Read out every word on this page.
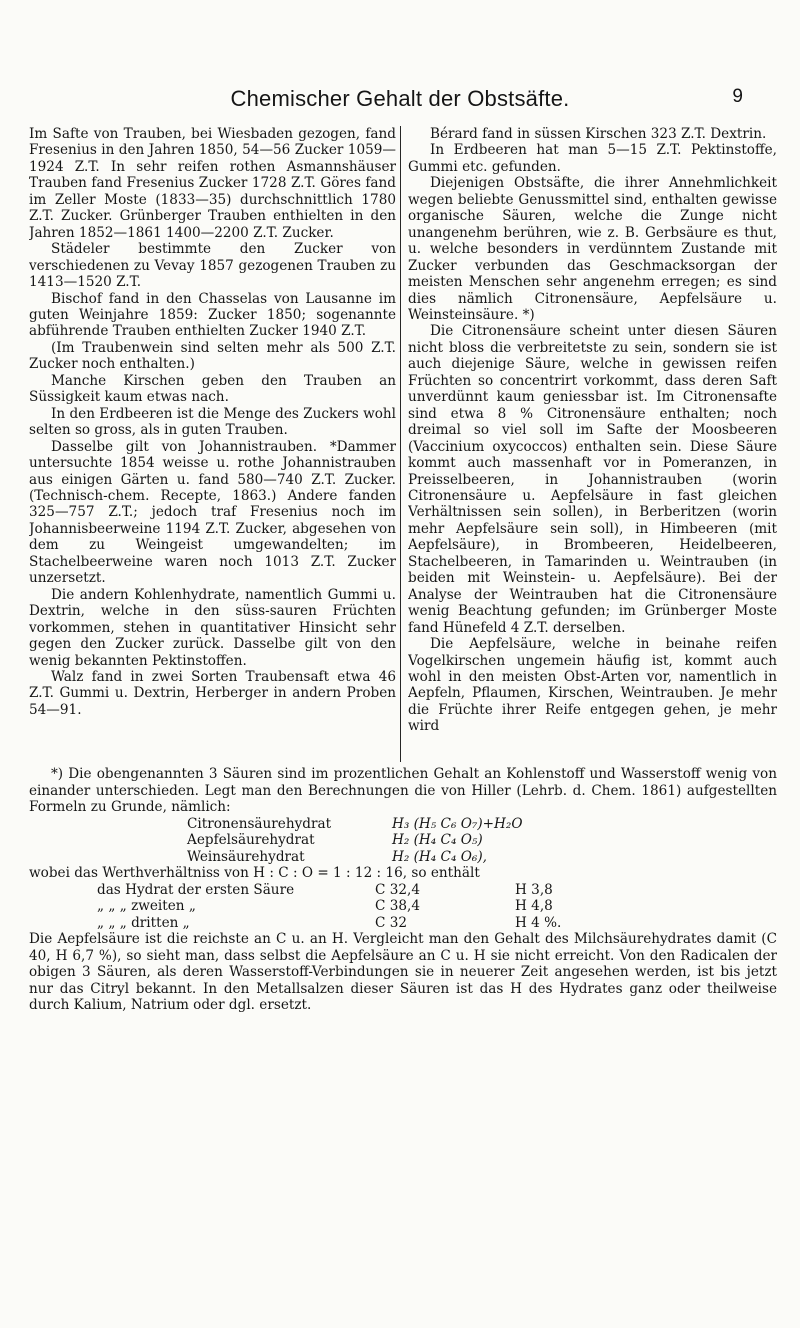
Chemischer Gehalt der Obstsäfte.	9

Im Safte von Trauben, bei Wiesbaden gezogen, fand Fresenius in den Jahren 1850, 54—56 Zucker 1059—1924 Z.T. In sehr reifen rothen Asmannshäuser Trauben fand Fresenius Zucker 1728 Z.T. Göres fand im Zeller Moste (1833—35) durchschnittlich 1780 Z.T. Zucker. Grünberger Trauben enthielten in den Jahren 1852—1861 1400—2200 Z.T. Zucker.

Städeler bestimmte den Zucker von verschiedenen zu Vevay 1857 gezogenen Trauben zu 1413—1520 Z.T.

Bischof fand in den Chasselas von Lausanne im guten Weinjahre 1859: Zucker 1850; sogenannte abführende Trauben enthielten Zucker 1940 Z.T.

(Im Traubenwein sind selten mehr als 500 Z.T. Zucker noch enthalten.)

Manche Kirschen geben den Trauben an Süssigkeit kaum etwas nach.

In den Erdbeeren ist die Menge des Zuckers wohl selten so gross, als in guten Trauben.

Dasselbe gilt von Johannistrauben. *Dammer untersuchte 1854 weisse u. rothe Johannistrauben aus einigen Gärten u. fand 580—740 Z.T. Zucker. (Technisch-chem. Recepte, 1863.) Andere fanden 325—757 Z.T.; jedoch traf Fresenius noch im Johannisbeerweine 1194 Z.T. Zucker, abgesehen von dem zu Weingeist umgewandelten; im Stachelbeerweine waren noch 1013 Z.T. Zucker unzersetzt.

Die andern Kohlenhydrate, namentlich Gummi u. Dextrin, welche in den süss-sauren Früchten vorkommen, stehen in quantitativer Hinsicht sehr gegen den Zucker zurück. Dasselbe gilt von den wenig bekannten Pektinstoffen.

Walz fand in zwei Sorten Traubensaft etwa 46 Z.T. Gummi u. Dextrin, Herberger in andern Proben 54—91.

Bérard fand in süssen Kirschen 323 Z.T. Dextrin.

In Erdbeeren hat man 5—15 Z.T. Pektinstoffe, Gummi etc. gefunden.

Diejenigen Obstsäfte, die ihrer Annehmlichkeit wegen beliebte Genussmittel sind, enthalten gewisse organische Säuren, welche die Zunge nicht unangenehm berühren, wie z. B. Gerbsäure es thut, u. welche besonders in verdünntem Zustande mit Zucker verbunden das Geschmacksorgan der meisten Menschen sehr angenehm erregen; es sind dies nämlich Citronensäure, Aepfelsäure u. Weinsteinsäure. *)

Die Citronensäure scheint unter diesen Säuren nicht bloss die verbreitetste zu sein, sondern sie ist auch diejenige Säure, welche in gewissen reifen Früchten so concentrirt vorkommt, dass deren Saft unverdünnt kaum geniessbar ist. Im Citronensafte sind etwa 8 % Citronensäure enthalten; noch dreimal so viel soll im Safte der Moosbeeren (Vaccinium oxycoccos) enthalten sein. Diese Säure kommt auch massenhaft vor in Pomeranzen, in Preisselbeeren, in Johannistrauben (worin Citronensäure u. Aepfelsäure in fast gleichen Verhältnissen sein sollen), in Berberitzen (worin mehr Aepfelsäure sein soll), in Himbeeren (mit Aepfelsäure), in Brombeeren, Heidelbeeren, Stachelbeeren, in Tamarinden u. Weintrauben (in beiden mit Weinstein- u. Aepfelsäure). Bei der Analyse der Weintrauben hat die Citronensäure wenig Beachtung gefunden; im Grünberger Moste fand Hünefeld 4 Z.T. derselben.

Die Aepfelsäure, welche in beinahe reifen Vogelkirschen ungemein häufig ist, kommt auch wohl in den meisten Obst-Arten vor, namentlich in Aepfeln, Pflaumen, Kirschen, Weintrauben. Je mehr die Früchte ihrer Reife entgegen gehen, je mehr wird

*) Die obengenannten 3 Säuren sind im prozentlichen Gehalt an Kohlenstoff und Wasserstoff wenig von einander unterschieden. Legt man den Berechnungen die von Hiller (Lehrb. d. Chem. 1861) aufgestellten Formeln zu Grunde, nämlich:

Citronensäurehydrat	H₃ (H₅ C₆ O₇)+H₂O
Aepfelsäurehydrat	H₂ (H₄ C₄ O₅)
Weinsäurehydrat	H₂ (H₄ C₄ O₆),

wobei das Werthverhältniss von H : C : O = 1 : 12 : 16, so enthält

das Hydrat der ersten Säure	C 32,4	H 3,8
„ „ „ zweiten „	C 38,4	H 4,8
„ „ „ dritten „	C 32	H 4 %.

Die Aepfelsäure ist die reichste an C u. an H. Vergleicht man den Gehalt des Milchsäurehydrates damit (C 40, H 6,7 %), so sieht man, dass selbst die Aepfelsäure an C u. H sie nicht erreicht. Von den Radicalen der obigen 3 Säuren, als deren Wasserstoff-Verbindungen sie in neuerer Zeit angesehen werden, ist bis jetzt nur das Citryl bekannt. In den Metallsalzen dieser Säuren ist das H des Hydrates ganz oder theilweise durch Kalium, Natrium oder dgl. ersetzt.
